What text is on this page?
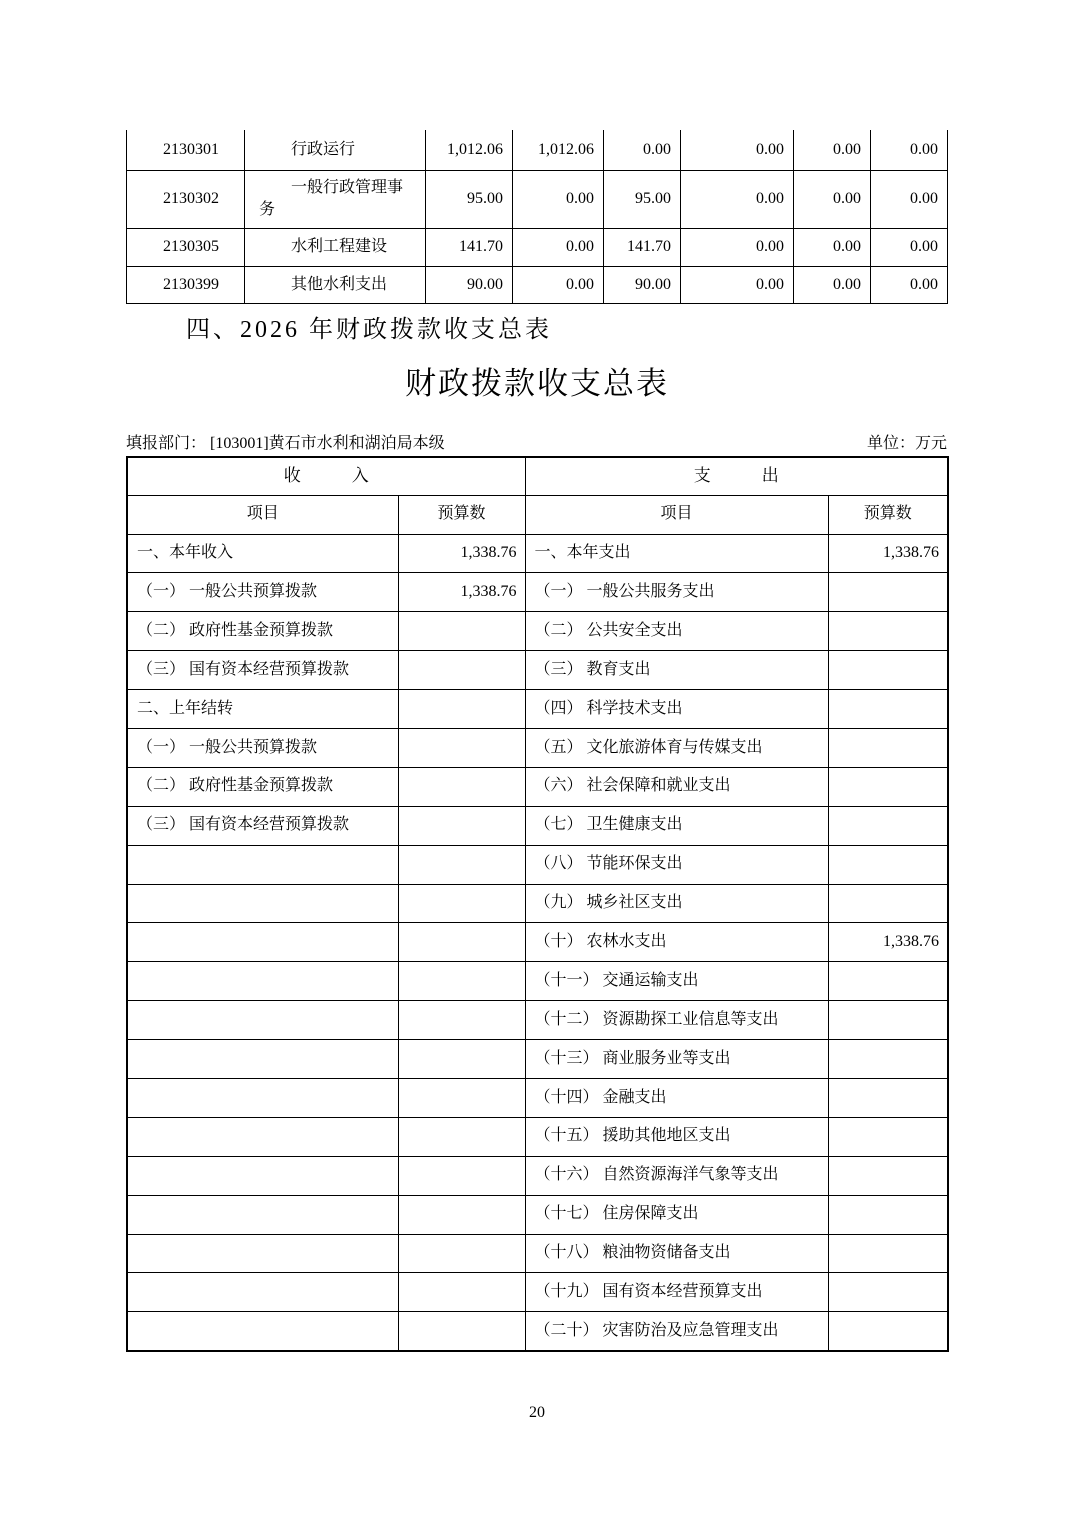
2130301	行政运行	1,012.06	1,012.06	0.00	0.00	0.00	0.00
2130302	一般行政管理事务	95.00	0.00	95.00	0.00	0.00	0.00
2130305	水利工程建设	141.70	0.00	141.70	0.00	0.00	0.00
2130399	其他水利支出	90.00	0.00	90.00	0.00	0.00	0.00
四、2026 年财政拨款收支总表
财政拨款收支总表
填报部门： [103001]黄石市水利和湖泊局本级	单位：万元
收　　　入		支　　　出	
项目	预算数	项目	预算数
一、本年收入	1,338.76	一、本年支出	1,338.76
（一） 一般公共预算拨款	1,338.76	（一） 一般公共服务支出	
（二） 政府性基金预算拨款		（二） 公共安全支出	
（三） 国有资本经营预算拨款		（三） 教育支出	
二、上年结转		（四） 科学技术支出	
（一） 一般公共预算拨款		（五） 文化旅游体育与传媒支出	
（二） 政府性基金预算拨款		（六） 社会保障和就业支出	
（三） 国有资本经营预算拨款		（七） 卫生健康支出	
		（八） 节能环保支出	
		（九） 城乡社区支出	
		（十） 农林水支出	1,338.76
		（十一） 交通运输支出	
		（十二） 资源勘探工业信息等支出	
		（十三） 商业服务业等支出	
		（十四） 金融支出	
		（十五） 援助其他地区支出	
		（十六） 自然资源海洋气象等支出	
		（十七） 住房保障支出	
		（十八） 粮油物资储备支出	
		（十九） 国有资本经营预算支出	
		（二十） 灾害防治及应急管理支出	
20
